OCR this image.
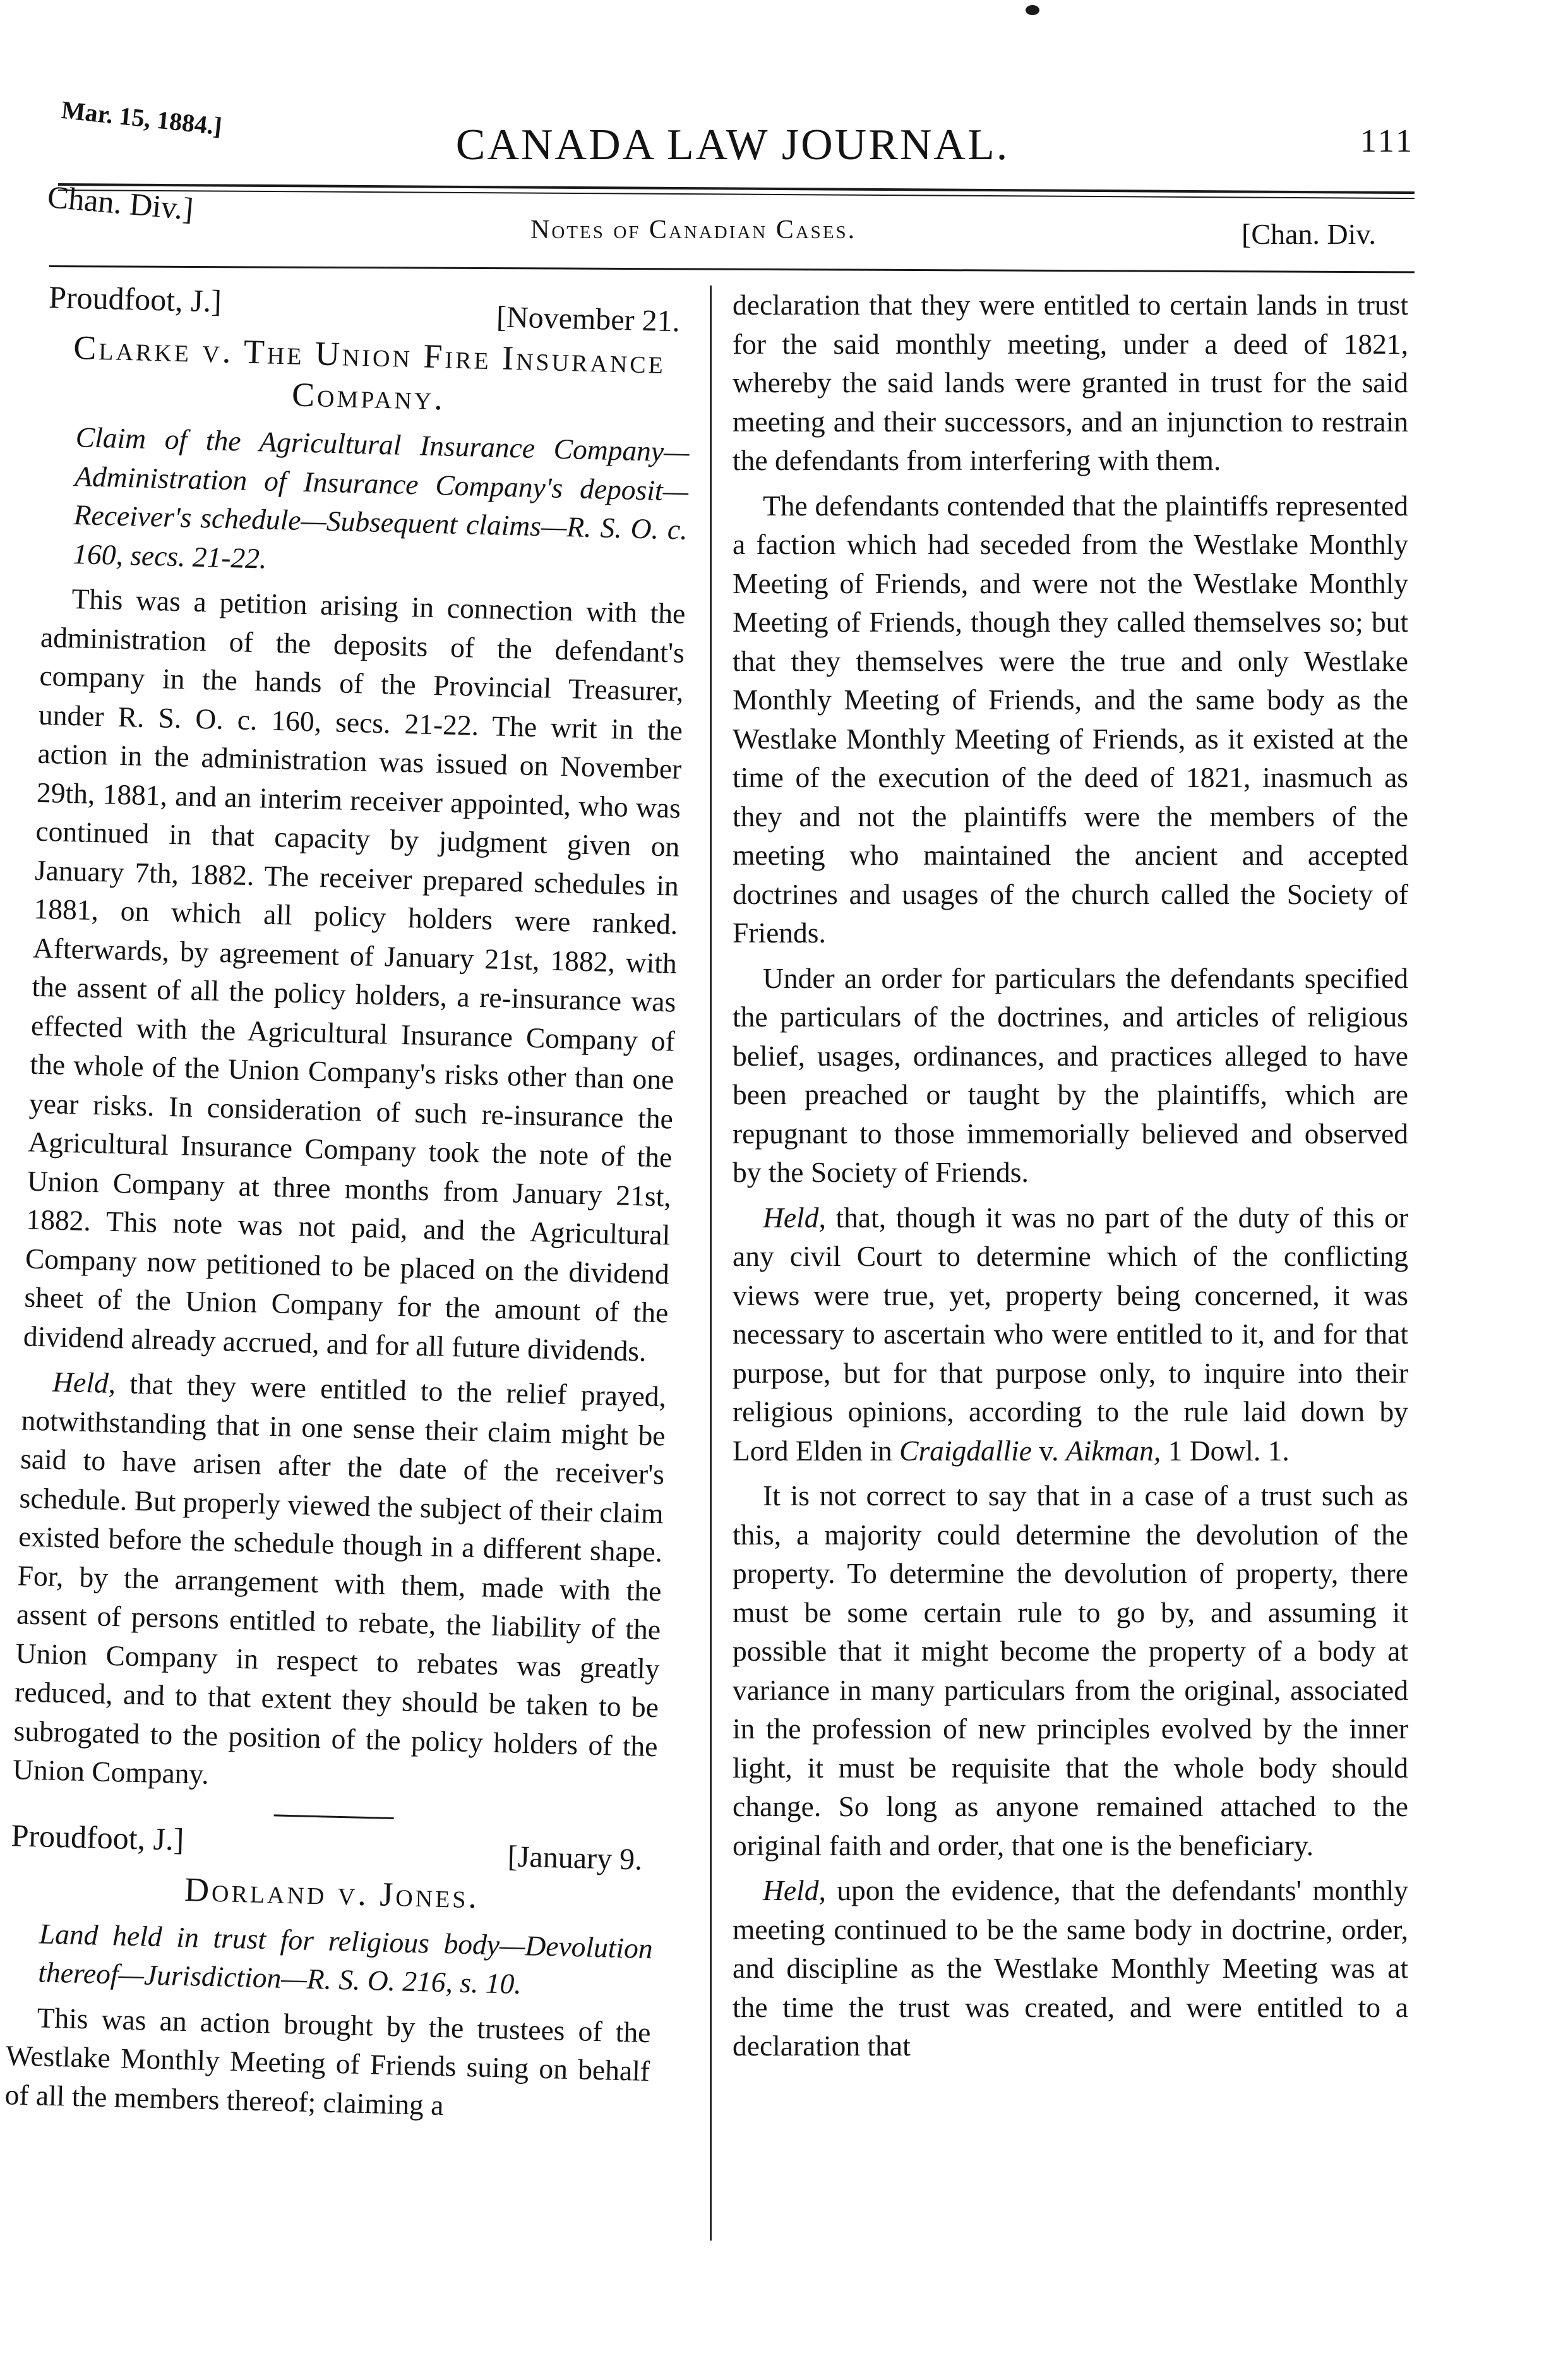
Mar. 15, 1884.]
CANADA LAW JOURNAL.	111
Chan. Div.]
Notes of Canadian Cases.	[Chan. Div.
Proudfoot, J.]
[November 21.
Clarke v. The Union Fire Insurance
Company.

Claim of the Agricultural Insurance Company—Administration of Insurance Company's deposit—Receiver's schedule—Subsequent claims—R. S. O. c. 160, secs. 21-22.

This was a petition arising in connection with the administration of the deposits of the defendant's company in the hands of the Provincial Treasurer, under R. S. O. c. 160, secs. 21-22. The writ in the action in the administration was issued on November 29th, 1881, and an interim receiver appointed, who was continued in that capacity by judgment given on January 7th, 1882. The receiver prepared schedules in 1881, on which all policy holders were ranked. Afterwards, by agreement of January 21st, 1882, with the assent of all the policy holders, a re-insurance was effected with the Agricultural Insurance Company of the whole of the Union Company's risks other than one year risks. In consideration of such re-insurance the Agricultural Insurance Company took the note of the Union Company at three months from January 21st, 1882. This note was not paid, and the Agricultural Company now petitioned to be placed on the dividend sheet of the Union Company for the amount of the dividend already accrued, and for all future dividends.

Held, that they were entitled to the relief prayed, notwithstanding that in one sense their claim might be said to have arisen after the date of the receiver's schedule. But properly viewed the subject of their claim existed before the schedule though in a different shape. For, by the arrangement with them, made with the assent of persons entitled to rebate, the liability of the Union Company in respect to rebates was greatly reduced, and to that extent they should be taken to be subrogated to the position of the policy holders of the Union Company.

Proudfoot, J.]
[January 9.
Dorland v. Jones.

Land held in trust for religious body—Devolution thereof—Jurisdiction—R. S. O. 216, s. 10.

This was an action brought by the trustees of the Westlake Monthly Meeting of Friends suing on behalf of all the members thereof; claiming a

declaration that they were entitled to certain lands in trust for the said monthly meeting, under a deed of 1821, whereby the said lands were granted in trust for the said meeting and their successors, and an injunction to restrain the defendants from interfering with them.

The defendants contended that the plaintiffs represented a faction which had seceded from the Westlake Monthly Meeting of Friends, and were not the Westlake Monthly Meeting of Friends, though they called themselves so; but that they themselves were the true and only Westlake Monthly Meeting of Friends, and the same body as the Westlake Monthly Meeting of Friends, as it existed at the time of the execution of the deed of 1821, inasmuch as they and not the plaintiffs were the members of the meeting who maintained the ancient and accepted doctrines and usages of the church called the Society of Friends.

Under an order for particulars the defendants specified the particulars of the doctrines, and articles of religious belief, usages, ordinances, and practices alleged to have been preached or taught by the plaintiffs, which are repugnant to those immemorially believed and observed by the Society of Friends.

Held, that, though it was no part of the duty of this or any civil Court to determine which of the conflicting views were true, yet, property being concerned, it was necessary to ascertain who were entitled to it, and for that purpose, but for that purpose only, to inquire into their religious opinions, according to the rule laid down by Lord Elden in Craigdallie v. Aikman, 1 Dowl. 1.

It is not correct to say that in a case of a trust such as this, a majority could determine the devolution of the property. To determine the devolution of property, there must be some certain rule to go by, and assuming it possible that it might become the property of a body at variance in many particulars from the original, associated in the profession of new principles evolved by the inner light, it must be requisite that the whole body should change. So long as anyone remained attached to the original faith and order, that one is the beneficiary.

Held, upon the evidence, that the defendants' monthly meeting continued to be the same body in doctrine, order, and discipline as the Westlake Monthly Meeting was at the time the trust was created, and were entitled to a declaration that
